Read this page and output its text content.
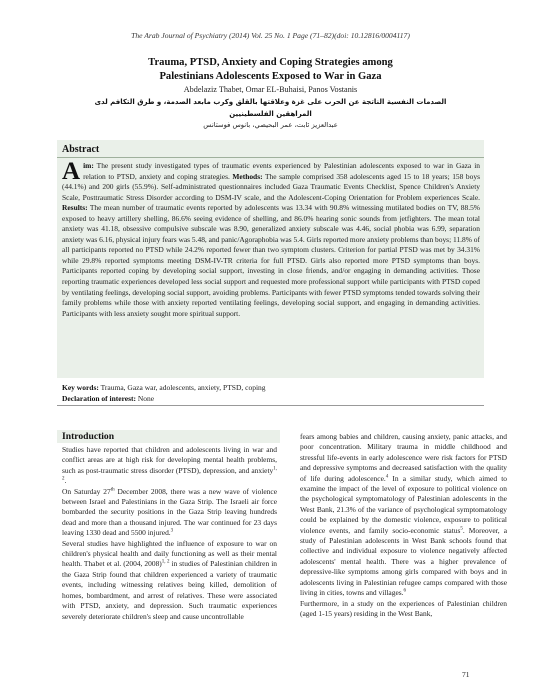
The Arab Journal of Psychiatry (2014) Vol. 25 No. 1 Page (71–82)(doi: 10.12816/0004117)
Trauma, PTSD, Anxiety and Coping Strategies among
Palestinians Adolescents Exposed to War in Gaza
Abdelaziz Thabet, Omar EL-Buhaisi, Panos Vostanis
الصدمات النفسية الناتجة عن الحرب على غزة وعلاقتها بالقلق وكرب مابعد الصدمة، و طرق التكافم لدى المراهقين الفلسطينيين
عبدالعزيز ثابت، عمر البحيصي، بانوس فوستانس
Abstract
Aim: The present study investigated types of traumatic events experienced by Palestinian adolescents exposed to war in Gaza in relation to PTSD, anxiety and coping strategies. Methods: The sample comprised 358 adolescents aged 15 to 18 years; 158 boys (44.1%) and 200 girls (55.9%). Self-administrated questionnaires included Gaza Traumatic Events Checklist, Spence Children's Anxiety Scale, Posttraumatic Stress Disorder according to DSM-IV scale, and the Adolescent-Coping Orientation for Problem experiences Scale. Results: The mean number of traumatic events reported by adolescents was 13.34 with 90.8% witnessing mutilated bodies on TV, 88.5% exposed to heavy artillery shelling, 86.6% seeing evidence of shelling, and 86.0% hearing sonic sounds from jetfighters. The mean total anxiety was 41.18, obsessive compulsive subscale was 8.90, generalized anxiety subscale was 4.46, social phobia was 6.99, separation anxiety was 6.16, physical injury fears was 5.48, and panic/Agoraphobia was 5.4. Girls reported more anxiety problems than boys; 11.8% of all participants reported no PTSD while 24.2% reported fewer than two symptom clusters. Criterion for partial PTSD was met by 34.31% while 29.8% reported symptoms meeting DSM-IV-TR criteria for full PTSD. Girls also reported more PTSD symptoms than boys. Participants reported coping by developing social support, investing in close friends, and/or engaging in demanding activities. Those reporting traumatic experiences developed less social support and requested more professional support while participants with PTSD coped by ventilating feelings, developing social support, avoiding problems. Participants with fewer PTSD symptoms tended towards solving their family problems while those with anxiety reported ventilating feelings, developing social support, and engaging in demanding activities. Participants with less anxiety sought more spiritual support.
Key words: Trauma, Gaza war, adolescents, anxiety, PTSD, coping
Declaration of interest: None
Introduction

Studies have reported that children and adolescents living in war and conflict areas are at high risk for developing mental health problems, such as post-traumatic stress disorder (PTSD), depression, and anxiety$^{1, 2}$.

On Saturday 27th December 2008, there was a new wave of violence between Israel and Palestinians in the Gaza Strip. The Israeli air force bombarded the security positions in the Gaza Strip leaving hundreds dead and more than a thousand injured. The war continued for 23 days leaving 1330 dead and 5500 injured.$^3$

Several studies have highlighted the influence of exposure to war on children's physical health and daily functioning as well as their mental health. Thabet et al. (2004, 2008)$^{1, 2}$ in studies of Palestinian children in the Gaza Strip found that children experienced a variety of traumatic events, including witnessing relatives being killed, demolition of homes, bombardment, and arrest of relatives. These were associated with PTSD, anxiety, and depression. Such traumatic experiences severely deteriorate children's sleep and cause uncontrollable

fears among babies and children, causing anxiety, panic attacks, and poor concentration. Military trauma in middle childhood and stressful life-events in early adolescence were risk factors for PTSD and depressive symptoms and decreased satisfaction with the quality of life during adolescence.$^4$ In a similar study, which aimed to examine the impact of the level of exposure to political violence on the psychological symptomatology of Palestinian adolescents in the West Bank, 21.3% of the variance of psychological symptomatology could be explained by the domestic violence, exposure to political violence events, and family socio-economic status$^5$. Moreover, a study of Palestinian adolescents in West Bank schools found that collective and individual exposure to violence negatively affected adolescents' mental health. There was a higher prevalence of depressive-like symptoms among girls compared with boys and in adolescents living in Palestinian refugee camps compared with those living in cities, towns and villages.$^6$

Furthermore, in a study on the experiences of Palestinian children (aged 1-15 years) residing in the West Bank,

71
